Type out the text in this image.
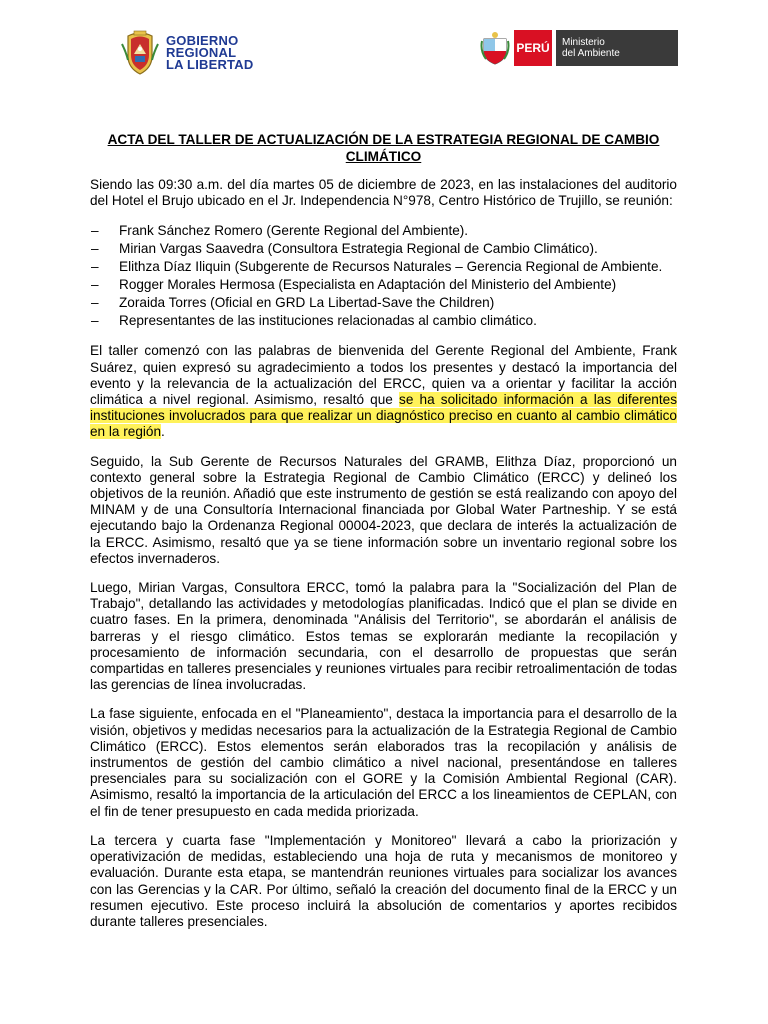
GOBIERNO
REGIONAL
LA LIBERTAD
PERÚ Ministerio
del Ambiente
ACTA DEL TALLER DE ACTUALIZACIÓN DE LA ESTRATEGIA REGIONAL DE CAMBIO CLIMÁTICO

Siendo las 09:30 a.m. del día martes 05 de diciembre de 2023, en las instalaciones del auditorio del Hotel el Brujo ubicado en el Jr. Independencia N°978, Centro Histórico de Trujillo, se reunión:

– Frank Sánchez Romero (Gerente Regional del Ambiente).
– Mirian Vargas Saavedra (Consultora Estrategia Regional de Cambio Climático).
– Elithza Díaz Iliquin (Subgerente de Recursos Naturales – Gerencia Regional de Ambiente.
– Rogger Morales Hermosa (Especialista en Adaptación del Ministerio del Ambiente)
– Zoraida Torres (Oficial en GRD La Libertad-Save the Children)
– Representantes de las instituciones relacionadas al cambio climático.

El taller comenzó con las palabras de bienvenida del Gerente Regional del Ambiente, Frank Suárez, quien expresó su agradecimiento a todos los presentes y destacó la importancia del evento y la relevancia de la actualización del ERCC, quien va a orientar y facilitar la acción climática a nivel regional. Asimismo, resaltó que se ha solicitado información a las diferentes instituciones involucrados para que realizar un diagnóstico preciso en cuanto al cambio climático en la región.

Seguido, la Sub Gerente de Recursos Naturales del GRAMB, Elithza Díaz, proporcionó un contexto general sobre la Estrategia Regional de Cambio Climático (ERCC) y delineó los objetivos de la reunión. Añadió que este instrumento de gestión se está realizando con apoyo del MINAM y de una Consultoría Internacional financiada por Global Water Partneship. Y se está ejecutando bajo la Ordenanza Regional 00004-2023, que declara de interés la actualización de la ERCC. Asimismo, resaltó que ya se tiene información sobre un inventario regional sobre los efectos invernaderos.

Luego, Mirian Vargas, Consultora ERCC, tomó la palabra para la "Socialización del Plan de Trabajo", detallando las actividades y metodologías planificadas. Indicó que el plan se divide en cuatro fases. En la primera, denominada "Análisis del Territorio", se abordarán el análisis de barreras y el riesgo climático. Estos temas se explorarán mediante la recopilación y procesamiento de información secundaria, con el desarrollo de propuestas que serán compartidas en talleres presenciales y reuniones virtuales para recibir retroalimentación de todas las gerencias de línea involucradas.

La fase siguiente, enfocada en el "Planeamiento", destaca la importancia para el desarrollo de la visión, objetivos y medidas necesarios para la actualización de la Estrategia Regional de Cambio Climático (ERCC). Estos elementos serán elaborados tras la recopilación y análisis de instrumentos de gestión del cambio climático a nivel nacional, presentándose en talleres presenciales para su socialización con el GORE y la Comisión Ambiental Regional (CAR). Asimismo, resaltó la importancia de la articulación del ERCC a los lineamientos de CEPLAN, con el fin de tener presupuesto en cada medida priorizada.

La tercera y cuarta fase "Implementación y Monitoreo" llevará a cabo la priorización y operativización de medidas, estableciendo una hoja de ruta y mecanismos de monitoreo y evaluación. Durante esta etapa, se mantendrán reuniones virtuales para socializar los avances con las Gerencias y la CAR. Por último, señaló la creación del documento final de la ERCC y un resumen ejecutivo. Este proceso incluirá la absolución de comentarios y aportes recibidos durante talleres presenciales.
